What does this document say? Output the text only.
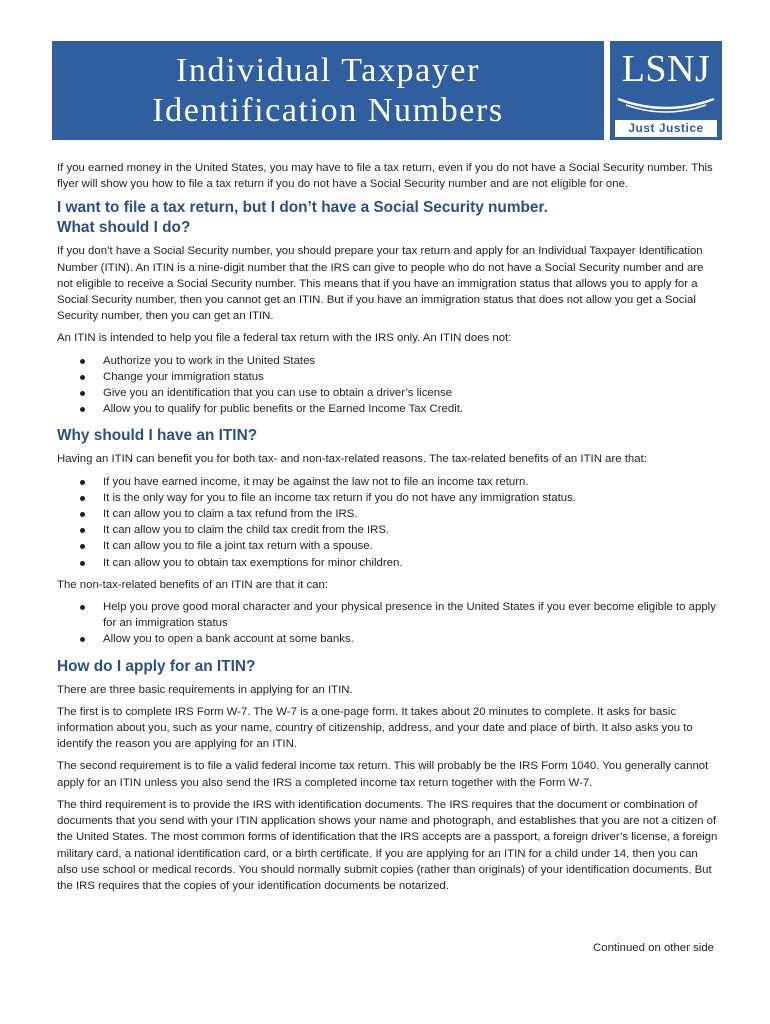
Individual Taxpayer
Identification Numbers
LSNJ
Just Justice

If you earned money in the United States, you may have to file a tax return, even if you do not have a Social Security number. This flyer will show you how to file a tax return if you do not have a Social Security number and are not eligible for one.

I want to file a tax return, but I don’t have a Social Security number.
What should I do?

If you don’t have a Social Security number, you should prepare your tax return and apply for an Individual Taxpayer Identification Number (ITIN). An ITIN is a nine-digit number that the IRS can give to people who do not have a Social Security number and are not eligible to receive a Social Security number. This means that if you have an immigration status that allows you to apply for a Social Security number, then you cannot get an ITIN. But if you have an immigration status that does not allow you get a Social Security number, then you can get an ITIN.

An ITIN is intended to help you file a federal tax return with the IRS only. An ITIN does not:

Authorize you to work in the United States
Change your immigration status
Give you an identification that you can use to obtain a driver’s license
Allow you to qualify for public benefits or the Earned Income Tax Credit.
Why should I have an ITIN?

Having an ITIN can benefit you for both tax- and non-tax-related reasons. The tax-related benefits of an ITIN are that:

If you have earned income, it may be against the law not to file an income tax return.
It is the only way for you to file an income tax return if you do not have any immigration status.
It can allow you to claim a tax refund from the IRS.
It can allow you to claim the child tax credit from the IRS.
It can allow you to file a joint tax return with a spouse.
It can allow you to obtain tax exemptions for minor children.

The non-tax-related benefits of an ITIN are that it can:

Help you prove good moral character and your physical presence in the United States if you ever become eligible to apply for an immigration status
Allow you to open a bank account at some banks.
How do I apply for an ITIN?

There are three basic requirements in applying for an ITIN.

The first is to complete IRS Form W-7. The W-7 is a one-page form. It takes about 20 minutes to complete. It asks for basic information about you, such as your name, country of citizenship, address, and your date and place of birth. It also asks you to identify the reason you are applying for an ITIN.

The second requirement is to file a valid federal income tax return. This will probably be the IRS Form 1040. You generally cannot apply for an ITIN unless you also send the IRS a completed income tax return together with the Form W-7.

The third requirement is to provide the IRS with identification documents. The IRS requires that the document or combination of documents that you send with your ITIN application shows your name and photograph, and establishes that you are not a citizen of the United States. The most common forms of identification that the IRS accepts are a passport, a foreign driver’s license, a foreign military card, a national identification card, or a birth certificate. If you are applying for an ITIN for a child under 14, then you can also use school or medical records. You should normally submit copies (rather than originals) of your identification documents. But the IRS requires that the copies of your identification documents be notarized.

Continued on other side
